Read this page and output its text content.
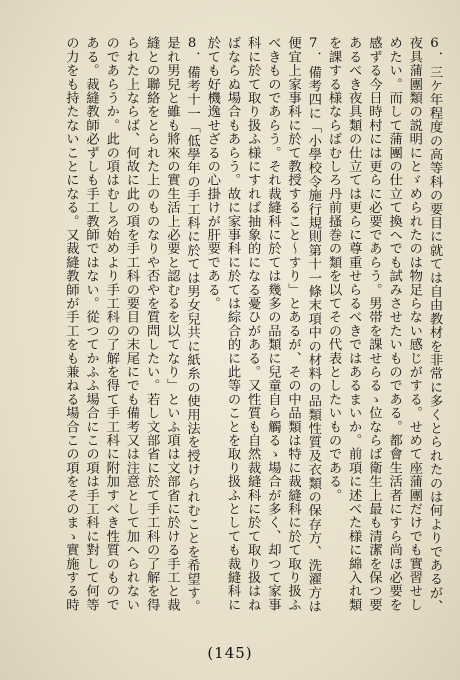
6．三ケ年程度の高等科の要目に就ては自由教材を非常に多くとられたのは何よりであるが、夜具蒲團類の説明にとゞめられたのは物足らない感じがする。せめて座蒲團だけでも實習せしめたい。而して蒲團の仕立て換へでも試みさせたいものである。都會生活者にすら尚ほ必要を感ずる今日時村には更らに必要であらう。男帯を課せらるゝ位ならば衛生上最も清潔を保つ要あるべき夜具類の仕立ては更らに尊重せらるべきではあるまいか。前項に述べた様に綿入れ類を課する様ならばむしろ丹前搔巻の類を以てその代表としたいものである。

7．備考四に「小學校令施行規則第十一條末項中の材料の品類性質及衣類の保存方、洗濯方は便宜上家事科に於て教授すること～すり」とあるが、その中品類は特に裁縫科に於て取り扱ふべきものであらう。それ裁縫科に於ては幾多の品類に兒童自ら觸るゝ場合が多く、却つて家事科に於て取り扱ふ様にすれば抽象的になる憂ひがある。又性質も自然裁縫科に於て取り扱はねばならぬ場合もあらう。故に家事科に於ては綜合的に此等のことを取り扱ふとしても裁縫科に於ても好機逸せざるの心掛けが肝要である。

8．備考十一「低學年の手工科に於ては男女兒共に紙糸の使用法を授けられむことを希望す。是れ男兒と雖も將來の實生活上必要と認むるを以てなり」といふ項は文部省に於ける手工と裁縫との聯絡をとられた上のものなりや否やを質問したい。若し文部省に於て手工科の了解を得られた上ならば、何故に此の項を手工科の要目の末尾にでも備考又は注意として加へられないのであらうか。此の項はむしろ始めより手工科の了解を得て手工科に附加すべき性質のものである。裁縫教師必ずしも手工教師ではない。從つてかふふ場合にこの項は手工科に對して何等の力をも持たないことになる。又裁縫教師が手工をも兼ねる場合この項をそのまゝ實施する時

(145)
